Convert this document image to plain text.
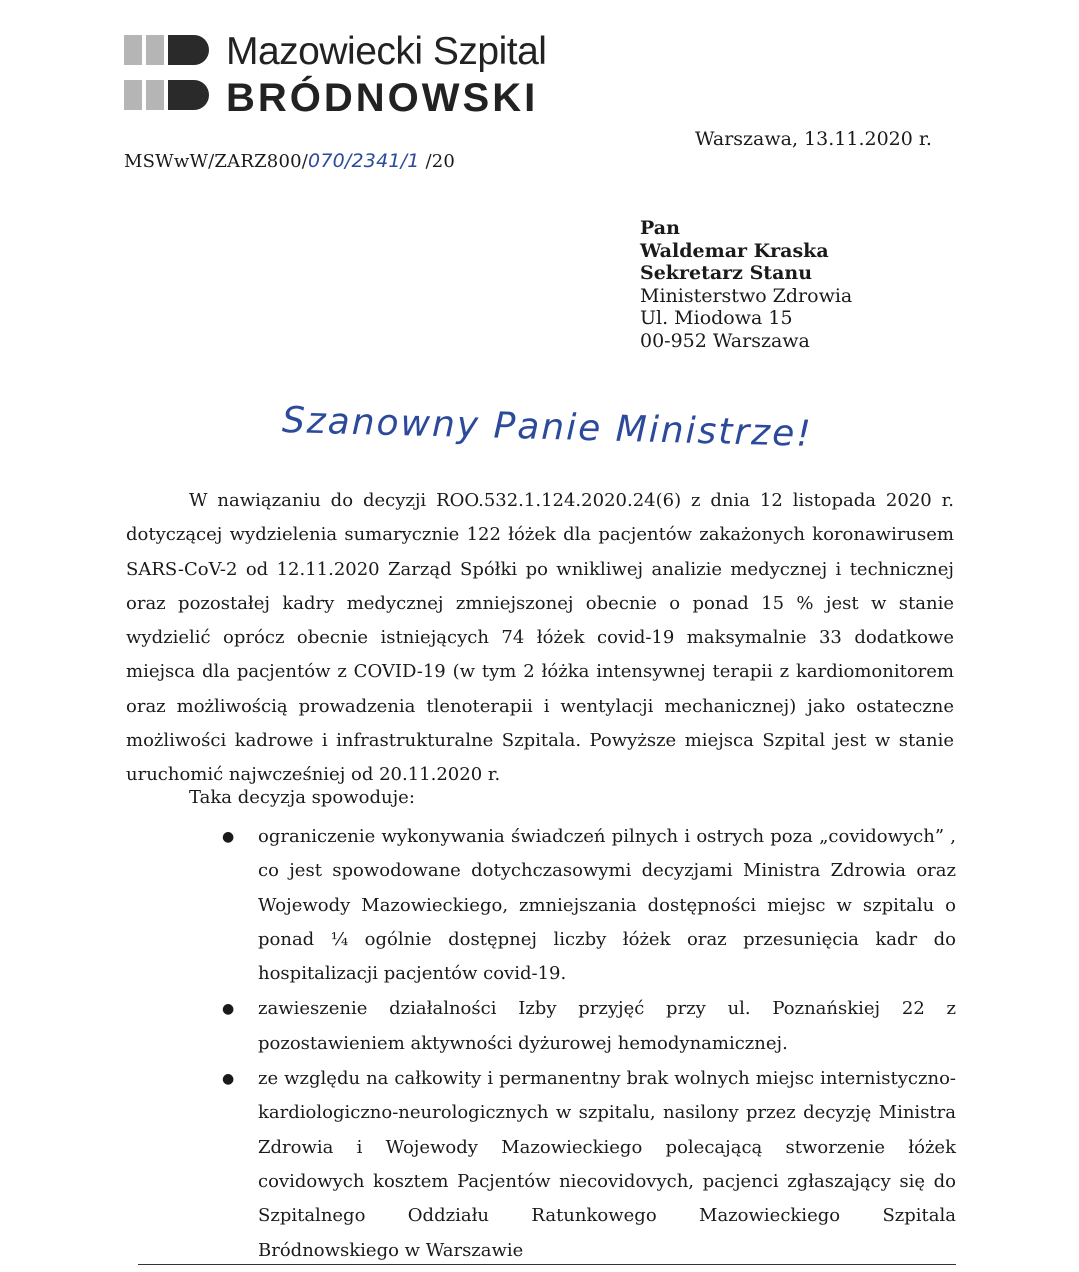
Mazowiecki Szpital
BRÓDNOWSKI
MSWwW/ZARZ800/070/2341/1 /20
Warszawa, 13.11.2020 r.
Pan
Waldemar Kraska
Sekretarz Stanu
Ministerstwo Zdrowia
Ul. Miodowa 15
00-952 Warszawa
Szanowny Panie Ministrze!

W nawiązaniu do decyzji ROO.532.1.124.2020.24(6) z dnia 12 listopada 2020 r. dotyczącej wydzielenia sumarycznie 122 łóżek dla pacjentów zakażonych koronawirusem SARS-CoV-2 od 12.11.2020 Zarząd Spółki po wnikliwej analizie medycznej i technicznej oraz pozostałej kadry medycznej zmniejszonej obecnie o ponad 15 % jest w stanie wydzielić oprócz obecnie istniejących 74 łóżek covid-19 maksymalnie 33 dodatkowe miejsca dla pacjentów z COVID-19 (w tym 2 łóżka intensywnej terapii z kardiomonitorem oraz możliwością prowadzenia tlenoterapii i wentylacji mechanicznej) jako ostateczne możliwości kadrowe i infrastrukturalne Szpitala. Powyższe miejsca Szpital jest w stanie uruchomić najwcześniej od 20.11.2020 r.

Taka decyzja spowoduje:
● ograniczenie wykonywania świadczeń pilnych i ostrych poza „covidowych” , co jest spowodowane dotychczasowymi decyzjami Ministra Zdrowia oraz Wojewody Mazowieckiego, zmniejszania dostępności miejsc w szpitalu o ponad ¼ ogólnie dostępnej liczby łóżek oraz przesunięcia kadr do hospitalizacji pacjentów covid-19.
● zawieszenie działalności Izby przyjęć przy ul. Poznańskiej 22 z pozostawieniem aktywności dyżurowej hemodynamicznej.
● ze względu na całkowity i permanentny brak wolnych miejsc internistyczno-kardiologiczno-neurologicznych w szpitalu, nasilony przez decyzję Ministra Zdrowia i Wojewody Mazowieckiego polecającą stworzenie łóżek covidowych kosztem Pacjentów niecovidovych, pacjenci zgłaszający się do Szpitalnego Oddziału Ratunkowego Mazowieckiego Szpitala Bródnowskiego w Warszawie
